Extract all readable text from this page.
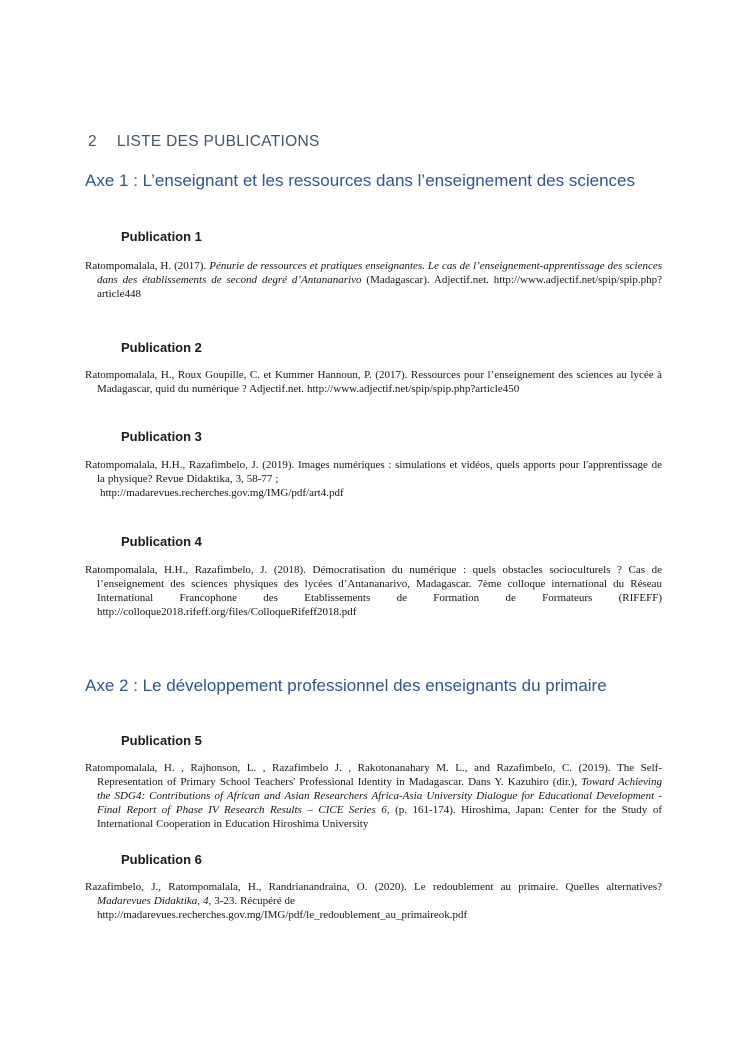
2 LISTE DES PUBLICATIONS
Axe 1 : L’enseignant et les ressources dans l’enseignement des sciences
Publication 1

Ratompomalala, H. (2017). Pénurie de ressources et pratiques enseignantes. Le cas de l’enseignement-apprentissage des sciences dans des établissements de second degré d’Antananarivo (Madagascar). Adjectif.net. http://www.adjectif.net/spip/spip.php?article448

Publication 2

Ratompomalala, H., Roux Goupille, C. et Kummer Hannoun, P. (2017). Ressources pour l’enseignement des sciences au lycée à Madagascar, quid du numérique ? Adjectif.net. http://www.adjectif.net/spip/spip.php?article450

Publication 3

Ratompomalala, H.H., Razafimbelo, J. (2019). Images numériques : simulations et vidéos, quels apports pour l'apprentissage de la physique? Revue Didaktika, 3, 58-77 ;
http://madarevues.recherches.gov.mg/IMG/pdf/art4.pdf

Publication 4

Ratompomalala, H.H., Razafimbelo, J. (2018). Démocratisation du numérique : quels obstacles socioculturels ? Cas de l’enseignement des sciences physiques des lycées d’Antananarivo, Madagascar. 7ème colloque international du Réseau International Francophone des Etablissements de Formation de Formateurs (RIFEFF) http://colloque2018.rifeff.org/files/ColloqueRifeff2018.pdf

Axe 2 : Le développement professionnel des enseignants du primaire
Publication 5

Ratompomalala, H. , Rajhonson, L. , Razafimbelo J. , Rakotonanahary M. L., and Razafimbelo, C. (2019). The Self-Representation of Primary School Teachers' Professional Identity in Madagascar. Dans Y. Kazuhiro (dir.), Toward Achieving the SDG4: Contributions of African and Asian Researchers Africa-Asia University Dialogue for Educational Development - Final Report of Phase IV Research Results – CICE Series 6, (p. 161-174). Hiroshima, Japan: Center for the Study of International Cooperation in Education Hiroshima University

Publication 6

Razafimbelo, J., Ratompomalala, H., Randrianandraina, O. (2020). Le redoublement au primaire. Quelles alternatives? Madarevues Didaktika, 4, 3-23. Récupéré de
http://madarevues.recherches.gov.mg/IMG/pdf/le_redoublement_au_primaireok.pdf
